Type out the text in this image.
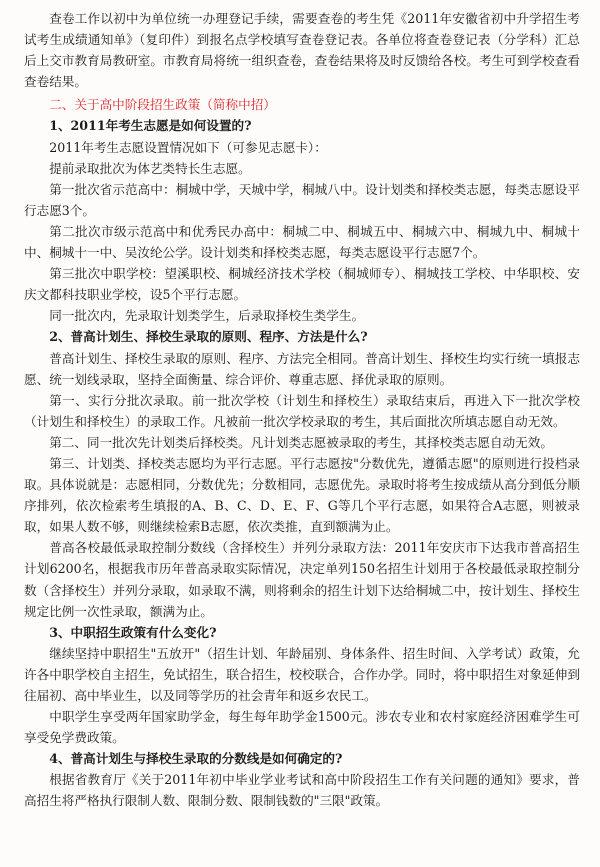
查卷工作以初中为单位统一办理登记手续，需要查卷的考生凭《2011年安徽省初中升学招生考试考生成绩通知单》（复印件）到报名点学校填写查卷登记表。各单位将查卷登记表（分学科）汇总后上交市教育局教研室。市教育局将统一组织查卷，查卷结果将及时反馈给各校。考生可到学校查看查卷结果。

二、关于高中阶段招生政策（简称中招）

1、2011年考生志愿是如何设置的?

2011年考生志愿设置情况如下（可参见志愿卡）：

提前录取批次为体艺类特长生志愿。

第一批次省示范高中：桐城中学，天城中学，桐城八中。设计划类和择校类志愿，每类志愿设平行志愿3个。

第二批次市级示范高中和优秀民办高中：桐城二中、桐城五中、桐城六中、桐城九中、桐城十中、桐城十一中、吴汝纶公学。设计划类和择校类志愿，每类志愿设平行志愿7个。

第三批次中职学校：望溪职校、桐城经济技术学校（桐城师专）、桐城技工学校、中华职校、安庆文都科技职业学校，设5个平行志愿。

同一批次内，先录取计划类学生，后录取择校生类学生。

2、普高计划生、择校生录取的原则、程序、方法是什么?

普高计划生、择校生录取的原则、程序、方法完全相同。普高计划生、择校生均实行统一填报志愿、统一划线录取，坚持全面衡量、综合评价、尊重志愿、择优录取的原则。

第一、实行分批次录取。前一批次学校（计划生和择校生）录取结束后，再进入下一批次学校（计划生和择校生）的录取工作。凡被前一批次学校录取的考生，其后面批次所填志愿自动无效。

第二、同一批次先计划类后择校类。凡计划类志愿被录取的考生，其择校类志愿自动无效。

第三、计划类、择校类志愿均为平行志愿。平行志愿按"分数优先，遵循志愿"的原则进行投档录取。具体说就是：志愿相同，分数优先；分数相同，志愿优先。录取时将考生按成绩从高分到低分顺序排列，依次检索考生填报的A、B、C、D、E、F、G等几个平行志愿，如果符合A志愿，则被录取，如果人数不够，则继续检索B志愿，依次类推，直到额满为止。

普高各校最低录取控制分数线（含择校生）并列分录取方法：2011年安庆市下达我市普高招生计划6200名，根据我市历年普高录取实际情况，决定单列150名招生计划用于各校最低录取控制分数（含择校生）并列分录取，如录取不满，则将剩余的招生计划下达给桐城二中，按计划生、择校生规定比例一次性录取，额满为止。

3、中职招生政策有什么变化?

继续坚持中职招生"五放开"（招生计划、年龄届别、身体条件、招生时间、入学考试）政策，允许各中职学校自主招生，免试招生，联合招生，校校联合，合作办学。同时，将中职招生对象延伸到往届初、高中毕业生，以及同等学历的社会青年和返乡农民工。

中职学生享受两年国家助学金，每生每年助学金1500元。涉农专业和农村家庭经济困难学生可享受免学费政策。

4、普高计划生与择校生录取的分数线是如何确定的?

根据省教育厅《关于2011年初中毕业学业考试和高中阶段招生工作有关问题的通知》要求，普高招生将严格执行限制人数、限制分数、限制钱数的"三限"政策。
